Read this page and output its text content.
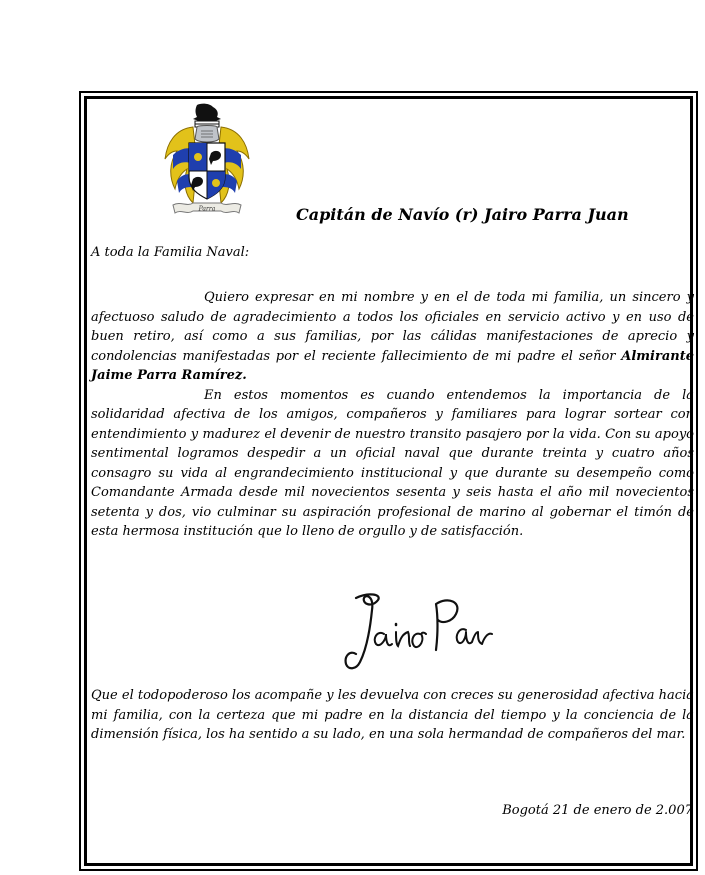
Parra	Capitán de Navío (r) Jairo Parra Juan
A toda la Familia Naval:

Quiero expresar en mi nombre y en el de toda mi familia, un sincero y afectuoso saludo de agradecimiento a todos los oficiales en servicio activo y en uso de buen retiro, así como a sus familias, por las cálidas manifestaciones de aprecio y condolencias manifestadas por el reciente fallecimiento de mi padre el señor Almirante Jaime Parra Ramírez.

En estos momentos es cuando entendemos la importancia de la solidaridad afectiva de los amigos, compañeros y familiares para lograr sortear con entendimiento y madurez el devenir de nuestro transito pasajero por la vida. Con su apoyo sentimental logramos despedir a un oficial naval que durante treinta y cuatro años consagro su vida al engrandecimiento institucional y que durante su desempeño como Comandante Armada desde mil novecientos sesenta y seis hasta el año mil novecientos setenta y dos, vio culminar su aspiración profesional de marino al gobernar el timón de esta hermosa institución que lo lleno de orgullo y de satisfacción.

Que el todopoderoso los acompañe y les devuelva con creces su generosidad afectiva hacia mi familia, con la certeza que mi padre en la distancia del tiempo y la conciencia de la dimensión física, los ha sentido a su lado, en una sola hermandad de compañeros del mar.

Bogotá 21 de enero de 2.007
